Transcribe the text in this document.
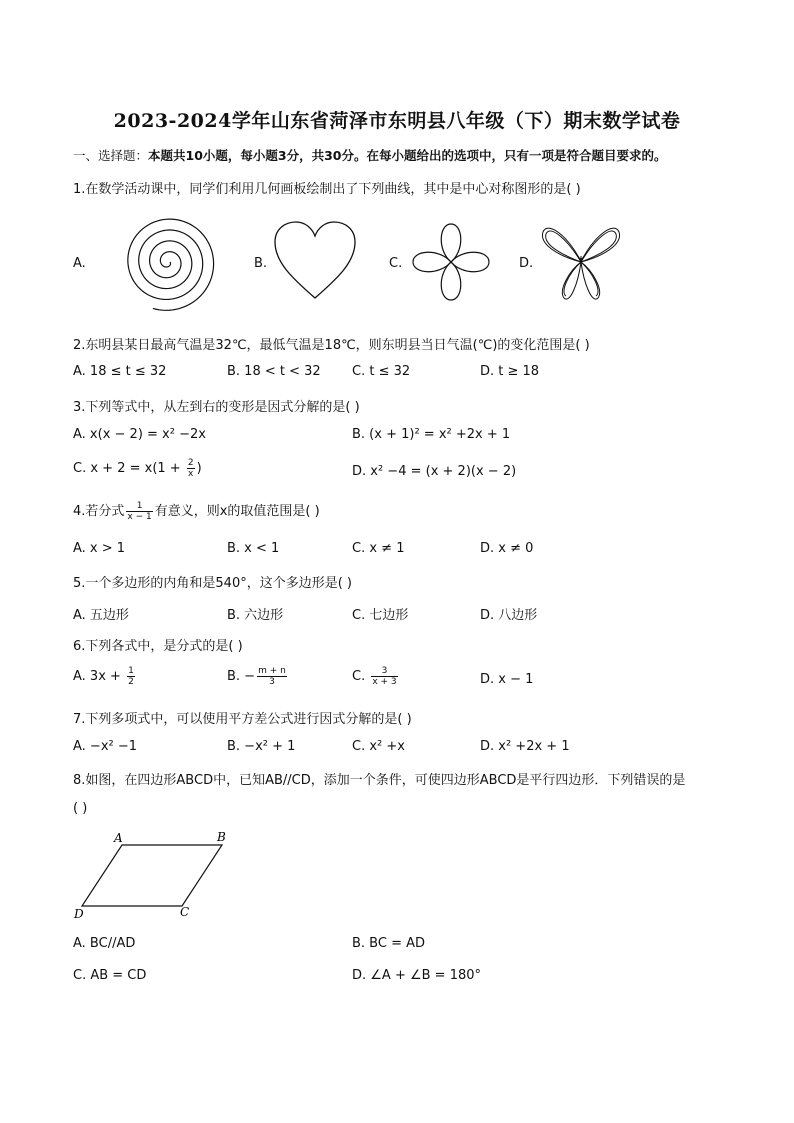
2023-2024学年山东省菏泽市东明县八年级（下）期末数学试卷
一、选择题：本题共10小题，每小题3分，共30分。在每小题给出的选项中，只有一项是符合题目要求的。
1.在数学活动课中，同学们利用几何画板绘制出了下列曲线，其中是中心对称图形的是( )
A.	B.	C.	D.
2.东明县某日最高气温是32℃，最低气温是18℃，则东明县当日气温(℃)的变化范围是( )
A. 18 ≤ t ≤ 32	B. 18 < t < 32 C. t ≤ 32	D. t ≥ 18
3.下列等式中，从左到右的变形是因式分解的是( )
A. x(x − 2) = x² −2x	B. (x + 1)² = x² +2x + 1
C. $x + 2 = x(1 + \frac{2}{x}$ )	D. x² −4 = (x + 2)(x − 2)
4.若分式 $\frac{1}{x - 1}$ 有意义，则x的取值范围是( )
A. x > 1	B. x < 1	C. x ≠ 1	D. x ≠ 0
5.一个多边形的内角和是540°，这个多边形是( )
A. 五边形	B. 六边形	C. 七边形	D. 八边形
6.下列各式中，是分式的是( )
A. $3x + \frac{1}{2}$	B. − $\frac{m + n}{3}$	C. $\frac{3}{x + 3}$	D. x − 1
7.下列多项式中，可以使用平方差公式进行因式分解的是( )
A. −x² −1	B. −x² + 1	C. x² +x	D. x² +2x + 1
8.如图，在四边形ABCD中，已知AB//CD，添加一个条件，可使四边形ABCD是平行四边形．下列错误的是
( )
A	B
C
D
A. BC//AD	B. BC = AD
C. AB = CD	D. ∠A + ∠B = 180°
